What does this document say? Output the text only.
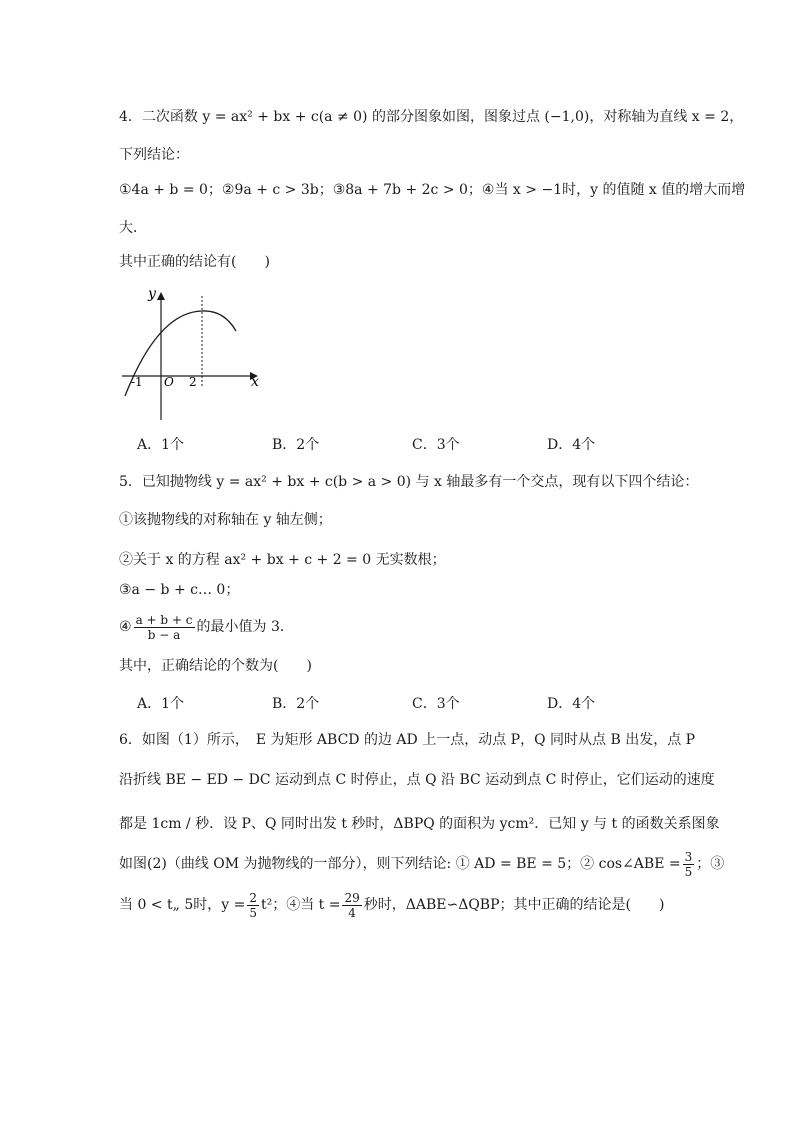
4．二次函数 y = ax² + bx + c(a ≠ 0) 的部分图象如图，图象过点 (−1,0)，对称轴为直线 x = 2，
下列结论：
①4a + b = 0；②9a + c > 3b；③8a + 7b + 2c > 0；④当 x > −1时，y 的值随 x 值的增大而增
大．
其中正确的结论有(　　)
y
x
-1 O 2
A．1个	B．2个	C．3个	D．4个
5．已知抛物线 y = ax² + bx + c(b > a > 0) 与 x 轴最多有一个交点，现有以下四个结论：
①该抛物线的对称轴在 y 轴左侧；
②关于 x 的方程 ax² + bx + c + 2 = 0 无实数根；
③a − b + c… 0；
④ $\frac{a + b + c}{b - a}$ 的最小值为 3．
其中，正确结论的个数为(　　)
A．1个	B．2个	C．3个	D．4个
6．如图（1）所示，　E 为矩形 ABCD 的边 AD 上一点，动点 P，Q 同时从点 B 出发，点 P
沿折线 BE − ED − DC 运动到点 C 时停止，点 Q 沿 BC 运动到点 C 时停止，它们运动的速度
都是 1cm / 秒．设 P、Q 同时出发 t 秒时，ΔBPQ 的面积为 ycm²．已知 y 与 t 的函数关系图象
如图(2)（曲线 OM 为抛物线的一部分），则下列结论: ① AD = BE = 5；② cos∠ABE = $\frac{3}{5}$ ；③
当 0 < t„ 5时，$y = \frac{2}{5} t^2$；④当 $t = \frac{29}{4}$ 秒时，ΔABE∽ΔQBP；其中正确的结论是(　　)
